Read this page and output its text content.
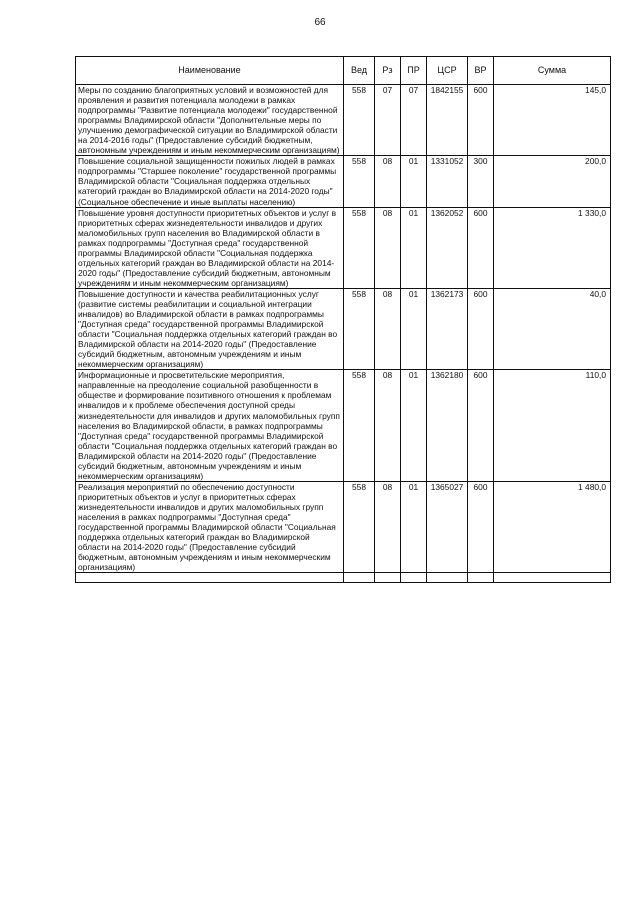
66
Наименование	Вед	Рз	ПР	ЦСР	ВР	Сумма
Меры по созданию благоприятных условий и возможностей для проявления и развития потенциала молодежи в рамках подпрограммы "Развитие потенциала молодежи" государственной программы Владимирской области "Дополнительные меры по улучшению демографической ситуации во Владимирской области на 2014-2016 годы" (Предоставление субсидий бюджетным, автономным учреждениям и иным некоммерческим организациям)	558	07	07	1842155	600	145,0
Повышение социальной защищенности пожилых людей в рамках подпрограммы "Старшее поколение" государственной программы Владимирской области "Социальная поддержка отдельных категорий граждан во Владимирской области на 2014-2020 годы" (Социальное обеспечение и иные выплаты населению)	558	08	01	1331052	300	200,0
Повышение уровня доступности приоритетных объектов и услуг в приоритетных сферах жизнедеятельности инвалидов и других маломобильных групп населения во Владимирской области в рамках подпрограммы "Доступная среда" государственной программы Владимирской области "Социальная поддержка отдельных категорий граждан во Владимирской области на 2014-2020 годы" (Предоставление субсидий бюджетным, автономным учреждениям и иным некоммерческим организациям)	558	08	01	1362052	600	1 330,0
Повышение доступности и качества реабилитационных услуг (развитие системы реабилитации и социальной интеграции инвалидов) во Владимирской области в рамках подпрограммы "Доступная среда" государственной программы Владимирской области "Социальная поддержка отдельных категорий граждан во Владимирской области на 2014-2020 годы" (Предоставление субсидий бюджетным, автономным учреждениям и иным некоммерческим организациям)	558	08	01	1362173	600	40,0
Информационные и просветительские мероприятия, направленные на преодоление социальной разобщенности в обществе и формирование позитивного отношения к проблемам инвалидов и к проблеме обеспечения доступной среды жизнедеятельности для инвалидов и других маломобильных групп населения во Владимирской области, в рамках подпрограммы "Доступная среда" государственной программы Владимирской области "Социальная поддержка отдельных категорий граждан во Владимирской области на 2014-2020 годы" (Предоставление субсидий бюджетным, автономным учреждениям и иным некоммерческим организациям)	558	08	01	1362180	600	110,0
Реализация мероприятий по обеспечению доступности приоритетных объектов и услуг в приоритетных сферах жизнедеятельности инвалидов и других маломобильных групп населения в рамках подпрограммы "Доступная среда" государственной программы Владимирской области "Социальная поддержка отдельных категорий граждан во Владимирской области на 2014-2020 годы" (Предоставление субсидий бюджетным, автономным учреждениям и иным некоммерческим организациям)	558	08	01	1365027	600	1 480,0
